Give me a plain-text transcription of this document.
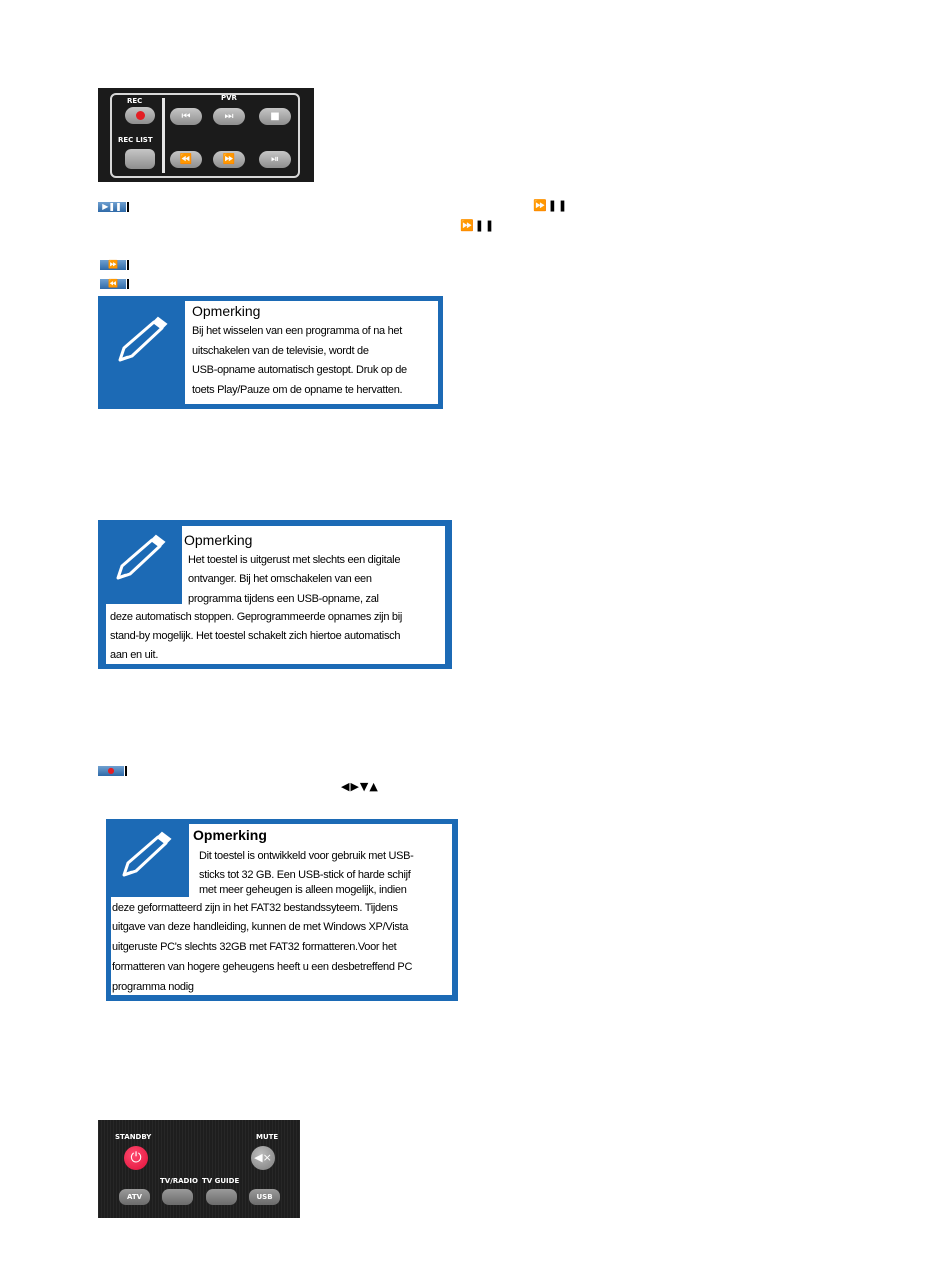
REC
REC LIST
PVR
⏮	⏭	■
⏪	⏩	⏯
▶❚❚	⏩❚❚
⏩❚❚
⏩
⏪
Opmerking
Bij het wisselen van een programma of na het
uitschakelen van de televisie, wordt de
USB-opname automatisch gestopt. Druk op de
toets Play/Pauze om de opname te hervatten.
Opmerking
Het toestel is uitgerust met slechts een digitale
ontvanger. Bij het omschakelen van een
programma tijdens een USB-opname, zal
deze automatisch stoppen. Geprogrammeerde opnames zijn bij
stand-by mogelijk. Het toestel schakelt zich hiertoe automatisch
aan en uit.
●
◀▶▼▲
Opmerking
Dit toestel is ontwikkeld voor gebruik met USB-
sticks tot 32 GB. Een USB-stick of harde schijf
met meer geheugen is alleen mogelijk, indien
deze geformatteerd zijn in het FAT32 bestandssyteem. Tijdens
uitgave van deze handleiding, kunnen de met Windows XP/Vista
uitgeruste PC's slechts 32GB met FAT32 formatteren.Voor het
formatteren van hogere geheugens heeft u een desbetreffend PC
programma nodig
STANDBY	MUTE
⏻	◀×
TV/RADIO TV GUIDE
ATV	USB
